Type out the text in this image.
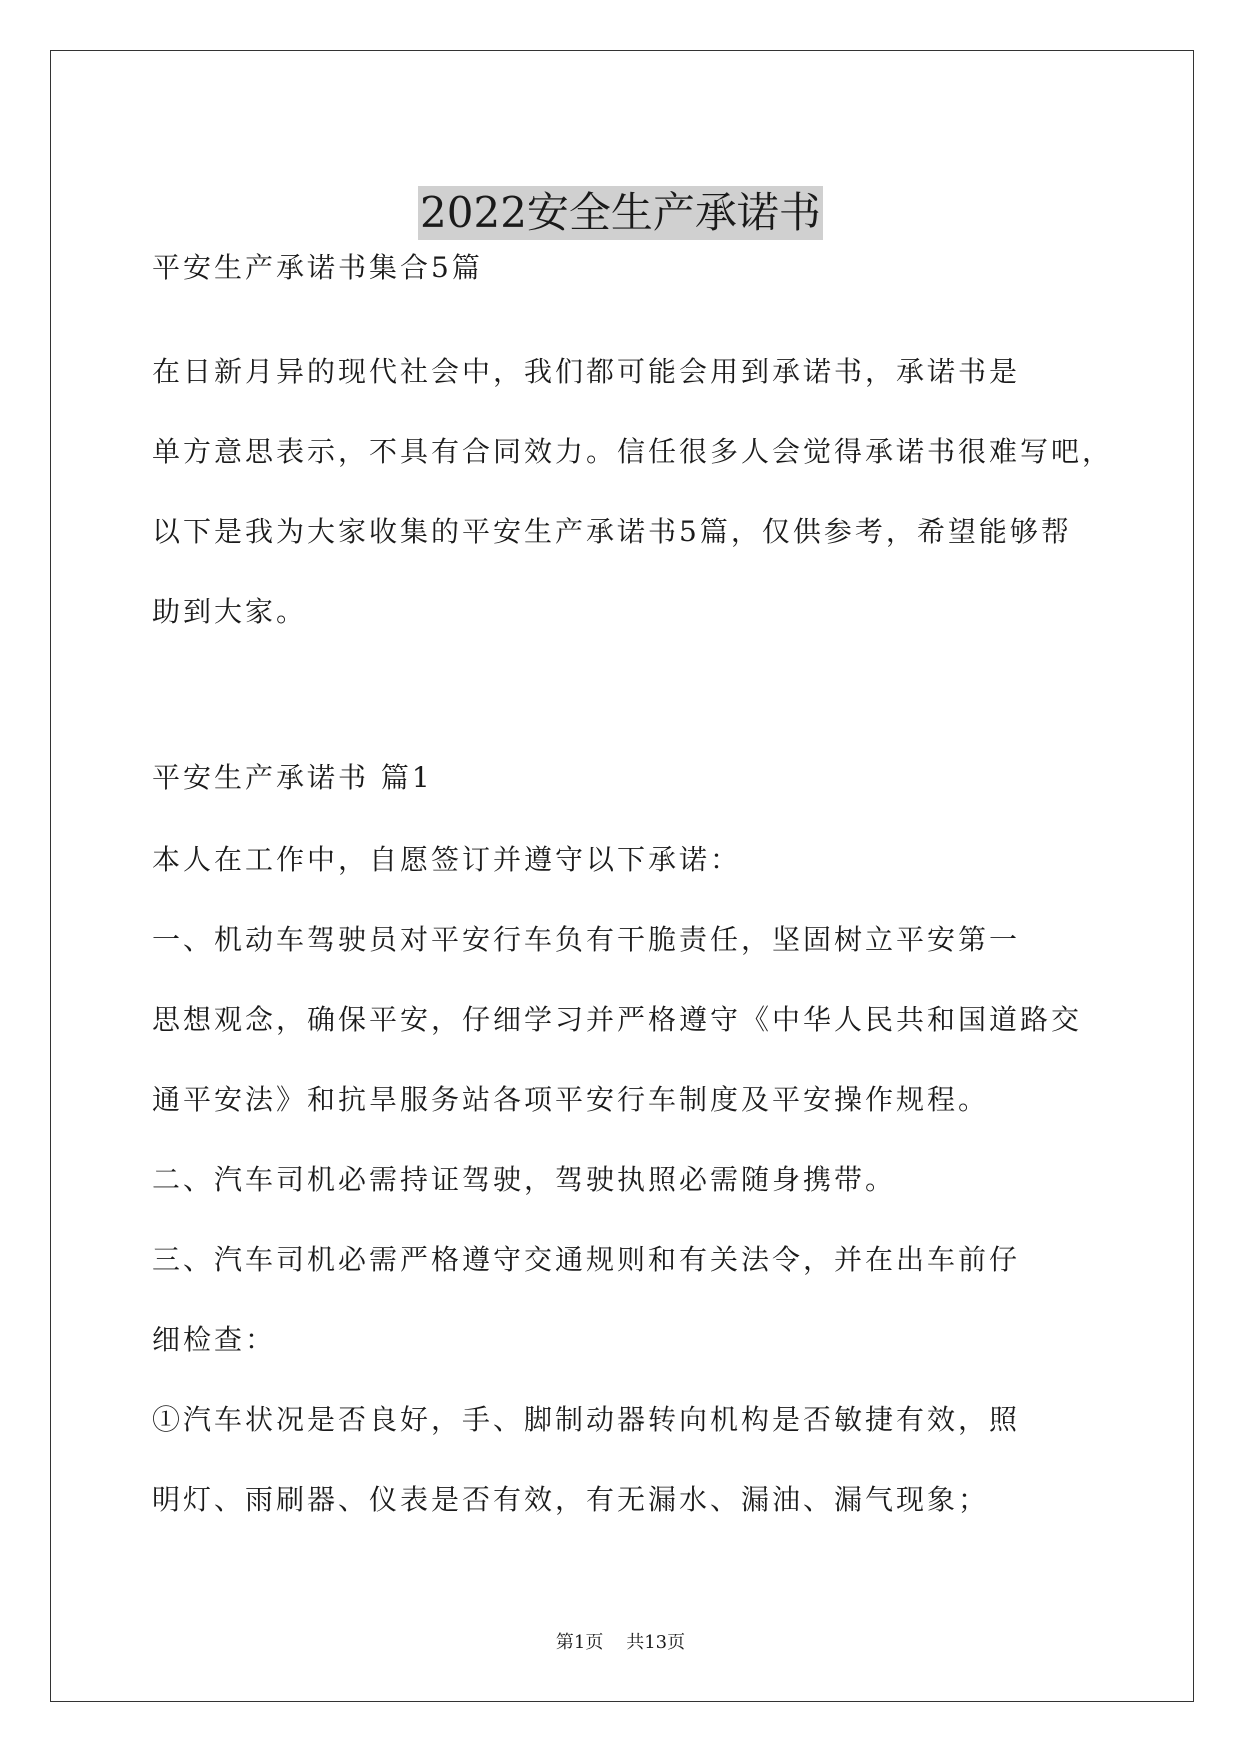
2022安全生产承诺书

平安生产承诺书集合5篇

在日新月异的现代社会中，我们都可能会用到承诺书，承诺书是

单方意思表示，不具有合同效力。信任很多人会觉得承诺书很难写吧，

以下是我为大家收集的平安生产承诺书5篇，仅供参考，希望能够帮

助到大家。

平安生产承诺书 篇1

本人在工作中，自愿签订并遵守以下承诺：

一、机动车驾驶员对平安行车负有干脆责任，坚固树立平安第一

思想观念，确保平安，仔细学习并严格遵守《中华人民共和国道路交

通平安法》和抗旱服务站各项平安行车制度及平安操作规程。

二、汽车司机必需持证驾驶，驾驶执照必需随身携带。

三、汽车司机必需严格遵守交通规则和有关法令，并在出车前仔

细检查：

①汽车状况是否良好，手、脚制动器转向机构是否敏捷有效，照

明灯、雨刷器、仪表是否有效，有无漏水、漏油、漏气现象；

第1页 共13页
